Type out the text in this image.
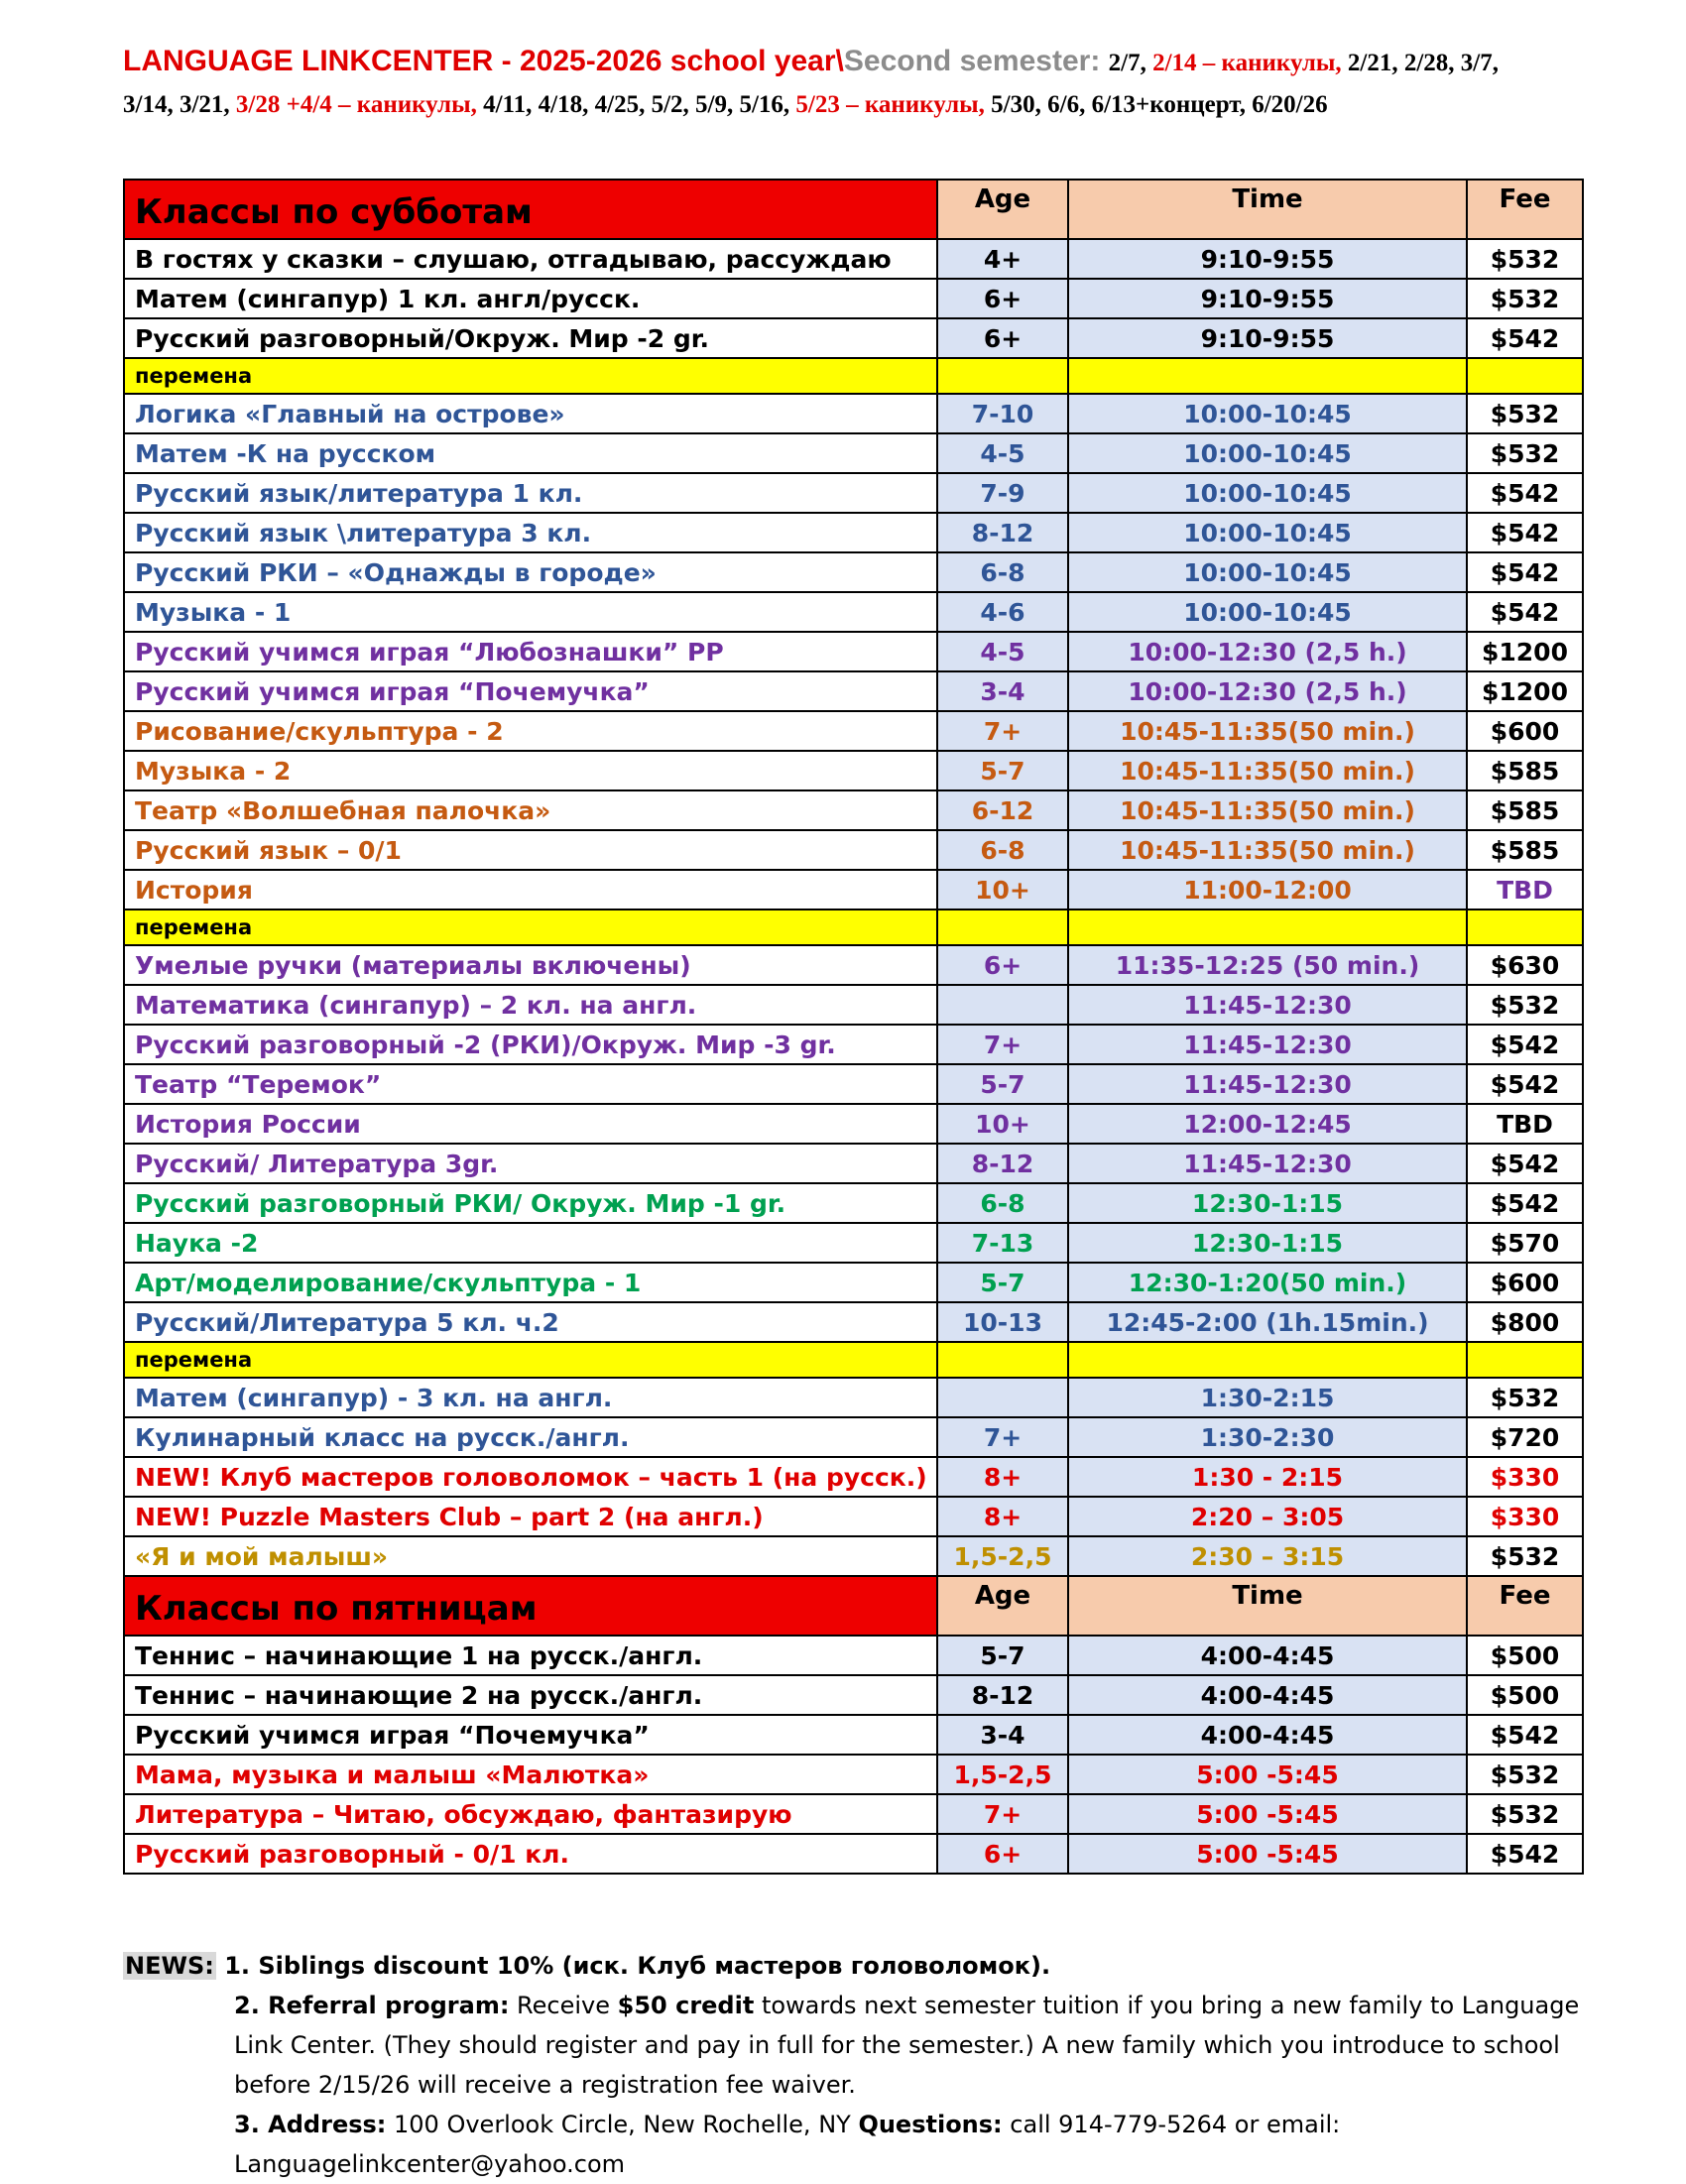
LANGUAGE LINKCENTER - 2025-2026 school year\Second semester: 2/7, 2/14 – каникулы, 2/21, 2/28, 3/7,
3/14, 3/21, 3/28 +4/4 – каникулы, 4/11, 4/18, 4/25, 5/2, 5/9, 5/16, 5/23 – каникулы, 5/30, 6/6, 6/13+концерт, 6/20/26
Классы по субботам	Age	Time	Fee
В гостях у сказки – слушаю, отгадываю, рассуждаю	4+	9:10-9:55	$532
Матем (сингапур) 1 кл. англ/русск.	6+	9:10-9:55	$532
Русский разговорный/Окруж. Мир -2 gr.	6+	9:10-9:55	$542
перемена			
Логика «Главный на острове»	7-10	10:00-10:45	$532
Матем -К на русском	4-5	10:00-10:45	$532
Русский язык/литература 1 кл.	7-9	10:00-10:45	$542
Русский язык \литература 3 кл.	8-12	10:00-10:45	$542
Русский РКИ – «Однажды в городе»	6-8	10:00-10:45	$542
Музыка - 1	4-6	10:00-10:45	$542
Русский учимся играя “Любознашки” РР	4-5	10:00-12:30 (2,5 h.)	$1200
Русский учимся играя “Почемучка”	3-4	10:00-12:30 (2,5 h.)	$1200
Рисование/скульптура - 2	7+	10:45-11:35(50 min.)	$600
Музыка - 2	5-7	10:45-11:35(50 min.)	$585
Театр «Волшебная палочка»	6-12	10:45-11:35(50 min.)	$585
Русский язык – 0/1	6-8	10:45-11:35(50 min.)	$585
История	10+	11:00-12:00	TBD
перемена			
Умелые ручки (материалы включены)	6+	11:35-12:25 (50 min.)	$630
Математика (сингапур) – 2 кл. на англ.		11:45-12:30	$532
Русский разговорный -2 (РКИ)/Окруж. Мир -3 gr.	7+	11:45-12:30	$542
Театр “Теремок”	5-7	11:45-12:30	$542
История России	10+	12:00-12:45	TBD
Русский/ Литература 3gr.	8-12	11:45-12:30	$542
Русский разговорный РКИ/ Окруж. Мир -1 gr.	6-8	12:30-1:15	$542
Наука -2	7-13	12:30-1:15	$570
Арт/моделирование/скульптура - 1	5-7	12:30-1:20(50 min.)	$600
Русский/Литература 5 кл. ч.2	10-13	12:45-2:00 (1h.15min.)	$800
перемена			
Матем (сингапур) - 3 кл. на англ.		1:30-2:15	$532
Кулинарный класс на русск./англ.	7+	1:30-2:30	$720
NEW! Клуб мастеров головоломок – часть 1 (на русск.)	8+	1:30 - 2:15	$330
NEW! Puzzle Masters Club – part 2 (на англ.)	8+	2:20 – 3:05	$330
«Я и мой малыш»	1,5-2,5	2:30 – 3:15	$532
Классы по пятницам	Age	Time	Fee
Теннис – начинающие 1 на русск./англ.	5-7	4:00-4:45	$500
Теннис – начинающие 2 на русск./англ.	8-12	4:00-4:45	$500
Русский учимся играя “Почемучка”	3-4	4:00-4:45	$542
Мама, музыка и малыш «Малютка»	1,5-2,5	5:00 -5:45	$532
Литература – Читаю, обсуждаю, фантазирую	7+	5:00 -5:45	$532
Русский разговорный - 0/1 кл.	6+	5:00 -5:45	$542
NEWS: 1. Siblings discount 10% (иск. Клуб мастеров головоломок).
2. Referral program: Receive $50 credit towards next semester tuition if you bring a new family to Language Link Center. (They should register and pay in full for the semester.) A new family which you introduce to school before 2/15/26 will receive a registration fee waiver.
3. Address: 100 Overlook Circle, New Rochelle, NY Questions: call 914-779-5264 or email: Languagelinkcenter@yahoo.com
